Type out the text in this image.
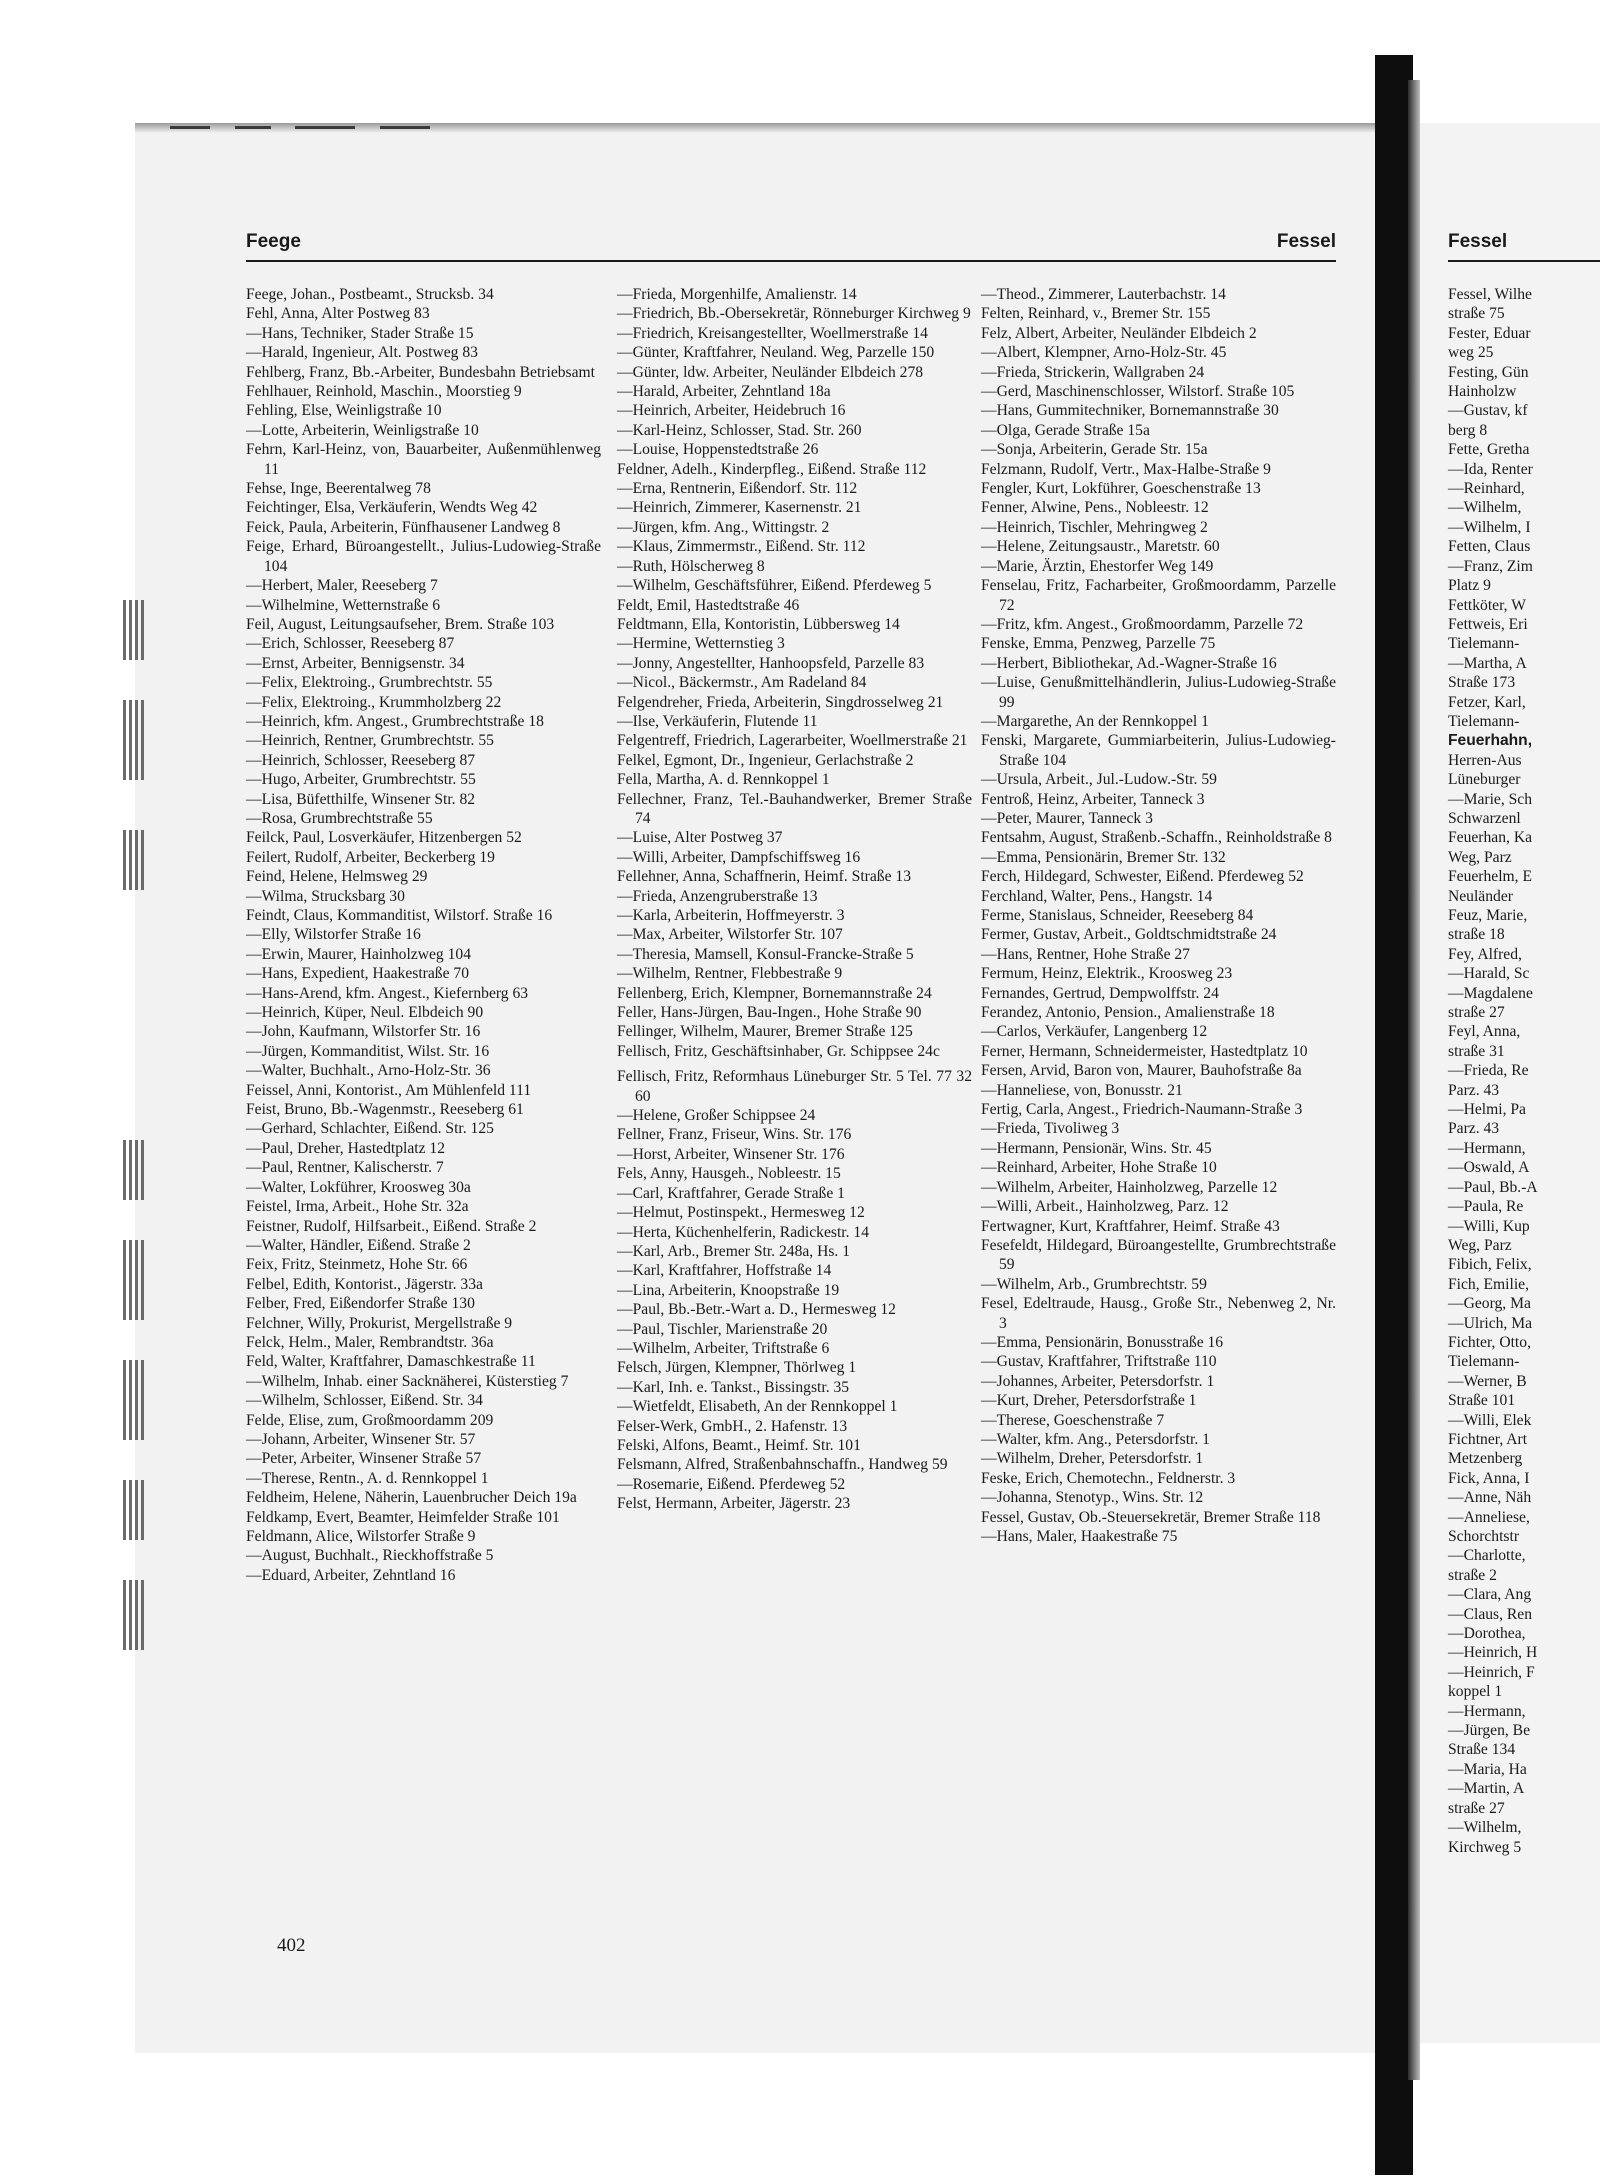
Feege	Fessel

Feege, Johan., Postbeamt., Strucksb. 34

Fehl, Anna, Alter Postweg 83

—Hans, Techniker, Stader Straße 15

—Harald, Ingenieur, Alt. Postweg 83

Fehlberg, Franz, Bb.-Arbeiter, Bundesbahn Betriebsamt

Fehlhauer, Reinhold, Maschin., Moorstieg 9

Fehling, Else, Weinligstraße 10

—Lotte, Arbeiterin, Weinligstraße 10

Fehrn, Karl-Heinz, von, Bauarbeiter, Außenmühlenweg 11

Fehse, Inge, Beerentalweg 78

Feichtinger, Elsa, Verkäuferin, Wendts Weg 42

Feick, Paula, Arbeiterin, Fünfhausener Landweg 8

Feige, Erhard, Büroangestellt., Julius-Ludowieg-Straße 104

—Herbert, Maler, Reeseberg 7

—Wilhelmine, Wetternstraße 6

Feil, August, Leitungsaufseher, Brem. Straße 103

—Erich, Schlosser, Reeseberg 87

—Ernst, Arbeiter, Bennigsenstr. 34

—Felix, Elektroing., Grumbrechtstr. 55

—Felix, Elektroing., Krummholzberg 22

—Heinrich, kfm. Angest., Grumbrechtstraße 18

—Heinrich, Rentner, Grumbrechtstr. 55

—Heinrich, Schlosser, Reeseberg 87

—Hugo, Arbeiter, Grumbrechtstr. 55

—Lisa, Büfetthilfe, Winsener Str. 82

—Rosa, Grumbrechtstraße 55

Feilck, Paul, Losverkäufer, Hitzenbergen 52

Feilert, Rudolf, Arbeiter, Beckerberg 19

Feind, Helene, Helmsweg 29

—Wilma, Strucksbarg 30

Feindt, Claus, Kommanditist, Wilstorf. Straße 16

—Elly, Wilstorfer Straße 16

—Erwin, Maurer, Hainholzweg 104

—Hans, Expedient, Haakestraße 70

—Hans-Arend, kfm. Angest., Kiefernberg 63

—Heinrich, Küper, Neul. Elbdeich 90

—John, Kaufmann, Wilstorfer Str. 16

—Jürgen, Kommanditist, Wilst. Str. 16

—Walter, Buchhalt., Arno-Holz-Str. 36

Feissel, Anni, Kontorist., Am Mühlenfeld 111

Feist, Bruno, Bb.-Wagenmstr., Reeseberg 61

—Gerhard, Schlachter, Eißend. Str. 125

—Paul, Dreher, Hastedtplatz 12

—Paul, Rentner, Kalischerstr. 7

—Walter, Lokführer, Kroosweg 30a

Feistel, Irma, Arbeit., Hohe Str. 32a

Feistner, Rudolf, Hilfsarbeit., Eißend. Straße 2

—Walter, Händler, Eißend. Straße 2

Feix, Fritz, Steinmetz, Hohe Str. 66

Felbel, Edith, Kontorist., Jägerstr. 33a

Felber, Fred, Eißendorfer Straße 130

Felchner, Willy, Prokurist, Mergellstraße 9

Felck, Helm., Maler, Rembrandtstr. 36a

Feld, Walter, Kraftfahrer, Damaschkestraße 11

—Wilhelm, Inhab. einer Sacknäherei, Küsterstieg 7

—Wilhelm, Schlosser, Eißend. Str. 34

Felde, Elise, zum, Großmoordamm 209

—Johann, Arbeiter, Winsener Str. 57

—Peter, Arbeiter, Winsener Straße 57

—Therese, Rentn., A. d. Rennkoppel 1

Feldheim, Helene, Näherin, Lauenbrucher Deich 19a

Feldkamp, Evert, Beamter, Heimfelder Straße 101

Feldmann, Alice, Wilstorfer Straße 9

—August, Buchhalt., Rieckhoffstraße 5

—Eduard, Arbeiter, Zehntland 16

—Frieda, Morgenhilfe, Amalienstr. 14

—Friedrich, Bb.-Obersekretär, Rönneburger Kirchweg 9

—Friedrich, Kreisangestellter, Woellmerstraße 14

—Günter, Kraftfahrer, Neuland. Weg, Parzelle 150

—Günter, ldw. Arbeiter, Neuländer Elbdeich 278

—Harald, Arbeiter, Zehntland 18a

—Heinrich, Arbeiter, Heidebruch 16

—Karl-Heinz, Schlosser, Stad. Str. 260

—Louise, Hoppenstedtstraße 26

Feldner, Adelh., Kinderpfleg., Eißend. Straße 112

—Erna, Rentnerin, Eißendorf. Str. 112

—Heinrich, Zimmerer, Kasernenstr. 21

—Jürgen, kfm. Ang., Wittingstr. 2

—Klaus, Zimmermstr., Eißend. Str. 112

—Ruth, Hölscherweg 8

—Wilhelm, Geschäftsführer, Eißend. Pferdeweg 5

Feldt, Emil, Hastedtstraße 46

Feldtmann, Ella, Kontoristin, Lübbersweg 14

—Hermine, Wetternstieg 3

—Jonny, Angestellter, Hanhoopsfeld, Parzelle 83

—Nicol., Bäckermstr., Am Radeland 84

Felgendreher, Frieda, Arbeiterin, Singdrosselweg 21

—Ilse, Verkäuferin, Flutende 11

Felgentreff, Friedrich, Lagerarbeiter, Woellmerstraße 21

Felkel, Egmont, Dr., Ingenieur, Gerlachstraße 2

Fella, Martha, A. d. Rennkoppel 1

Fellechner, Franz, Tel.-Bauhandwerker, Bremer Straße 74

—Luise, Alter Postweg 37

—Willi, Arbeiter, Dampfschiffsweg 16

Fellehner, Anna, Schaffnerin, Heimf. Straße 13

—Frieda, Anzengruberstraße 13

—Karla, Arbeiterin, Hoffmeyerstr. 3

—Max, Arbeiter, Wilstorfer Str. 107

—Theresia, Mamsell, Konsul-Francke-Straße 5

—Wilhelm, Rentner, Flebbestraße 9

Fellenberg, Erich, Klempner, Bornemannstraße 24

Feller, Hans-Jürgen, Bau-Ingen., Hohe Straße 90

Fellinger, Wilhelm, Maurer, Bremer Straße 125

Fellisch, Fritz, Geschäftsinhaber, Gr. Schippsee 24c

Fellisch, Fritz, Reformhaus Lüneburger Str. 5 Tel. 77 32 60

—Helene, Großer Schippsee 24

Fellner, Franz, Friseur, Wins. Str. 176

—Horst, Arbeiter, Winsener Str. 176

Fels, Anny, Hausgeh., Nobleestr. 15

—Carl, Kraftfahrer, Gerade Straße 1

—Helmut, Postinspekt., Hermesweg 12

—Herta, Küchenhelferin, Radickestr. 14

—Karl, Arb., Bremer Str. 248a, Hs. 1

—Karl, Kraftfahrer, Hoffstraße 14

—Lina, Arbeiterin, Knoopstraße 19

—Paul, Bb.-Betr.-Wart a. D., Hermesweg 12

—Paul, Tischler, Marienstraße 20

—Wilhelm, Arbeiter, Triftstraße 6

Felsch, Jürgen, Klempner, Thörlweg 1

—Karl, Inh. e. Tankst., Bissingstr. 35

—Wietfeldt, Elisabeth, An der Rennkoppel 1

Felser-Werk, GmbH., 2. Hafenstr. 13

Felski, Alfons, Beamt., Heimf. Str. 101

Felsmann, Alfred, Straßenbahnschaffn., Handweg 59

—Rosemarie, Eißend. Pferdeweg 52

Felst, Hermann, Arbeiter, Jägerstr. 23

—Theod., Zimmerer, Lauterbachstr. 14

Felten, Reinhard, v., Bremer Str. 155

Felz, Albert, Arbeiter, Neuländer Elbdeich 2

—Albert, Klempner, Arno-Holz-Str. 45

—Frieda, Strickerin, Wallgraben 24

—Gerd, Maschinenschlosser, Wilstorf. Straße 105

—Hans, Gummitechniker, Bornemannstraße 30

—Olga, Gerade Straße 15a

—Sonja, Arbeiterin, Gerade Str. 15a

Felzmann, Rudolf, Vertr., Max-Halbe-Straße 9

Fengler, Kurt, Lokführer, Goeschenstraße 13

Fenner, Alwine, Pens., Nobleestr. 12

—Heinrich, Tischler, Mehringweg 2

—Helene, Zeitungsaustr., Maretstr. 60

—Marie, Ärztin, Ehestorfer Weg 149

Fenselau, Fritz, Facharbeiter, Großmoordamm, Parzelle 72

—Fritz, kfm. Angest., Großmoordamm, Parzelle 72

Fenske, Emma, Penzweg, Parzelle 75

—Herbert, Bibliothekar, Ad.-Wagner-Straße 16

—Luise, Genußmittelhändlerin, Julius-Ludowieg-Straße 99

—Margarethe, An der Rennkoppel 1

Fenski, Margarete, Gummiarbeiterin, Julius-Ludowieg-Straße 104

—Ursula, Arbeit., Jul.-Ludow.-Str. 59

Fentroß, Heinz, Arbeiter, Tanneck 3

—Peter, Maurer, Tanneck 3

Fentsahm, August, Straßenb.-Schaffn., Reinholdstraße 8

—Emma, Pensionärin, Bremer Str. 132

Ferch, Hildegard, Schwester, Eißend. Pferdeweg 52

Ferchland, Walter, Pens., Hangstr. 14

Ferme, Stanislaus, Schneider, Reeseberg 84

Fermer, Gustav, Arbeit., Goldtschmidtstraße 24

—Hans, Rentner, Hohe Straße 27

Fermum, Heinz, Elektrik., Kroosweg 23

Fernandes, Gertrud, Dempwolffstr. 24

Ferandez, Antonio, Pension., Amalienstraße 18

—Carlos, Verkäufer, Langenberg 12

Ferner, Hermann, Schneidermeister, Hastedtplatz 10

Fersen, Arvid, Baron von, Maurer, Bauhofstraße 8a

—Hanneliese, von, Bonusstr. 21

Fertig, Carla, Angest., Friedrich-Naumann-Straße 3

—Frieda, Tivoliweg 3

—Hermann, Pensionär, Wins. Str. 45

—Reinhard, Arbeiter, Hohe Straße 10

—Wilhelm, Arbeiter, Hainholzweg, Parzelle 12

—Willi, Arbeit., Hainholzweg, Parz. 12

Fertwagner, Kurt, Kraftfahrer, Heimf. Straße 43

Fesefeldt, Hildegard, Büroangestellte, Grumbrechtstraße 59

—Wilhelm, Arb., Grumbrechtstr. 59

Fesel, Edeltraude, Hausg., Große Str., Nebenweg 2, Nr. 3

—Emma, Pensionärin, Bonusstraße 16

—Gustav, Kraftfahrer, Triftstraße 110

—Johannes, Arbeiter, Petersdorfstr. 1

—Kurt, Dreher, Petersdorfstraße 1

—Therese, Goeschenstraße 7

—Walter, kfm. Ang., Petersdorfstr. 1

—Wilhelm, Dreher, Petersdorfstr. 1

Feske, Erich, Chemotechn., Feldnerstr. 3

—Johanna, Stenotyp., Wins. Str. 12

Fessel, Gustav, Ob.-Steuersekretär, Bremer Straße 118

—Hans, Maler, Haakestraße 75

402
Fessel
Fessel, Wilhe
straße 75
Fester, Eduar
weg 25
Festing, Gün
Hainholzw
—Gustav, kf
berg 8
Fette, Gretha
—Ida, Renter
—Reinhard,
—Wilhelm,
—Wilhelm, I
Fetten, Claus
—Franz, Zim
Platz 9
Fettköter, W
Fettweis, Eri
Tielemann-
—Martha, A
Straße 173
Fetzer, Karl,
Tielemann-
Feuerhahn,
Herren-Aus
Lüneburger
—Marie, Sch
Schwarzenl
Feuerhan, Ka
Weg, Parz
Feuerhelm, E
Neuländer
Feuz, Marie,
straße 18
Fey, Alfred,
—Harald, Sc
—Magdalene
straße 27
Feyl, Anna,
straße 31
—Frieda, Re
Parz. 43
—Helmi, Pa
Parz. 43
—Hermann,
—Oswald, A
—Paul, Bb.-A
—Paula, Re
—Willi, Kup
Weg, Parz
Fibich, Felix,
Fich, Emilie,
—Georg, Ma
—Ulrich, Ma
Fichter, Otto,
Tielemann-
—Werner, B
Straße 101
—Willi, Elek
Fichtner, Art
Metzenberg
Fick, Anna, I
—Anne, Näh
—Anneliese,
Schorchtstr
—Charlotte,
straße 2
—Clara, Ang
—Claus, Ren
—Dorothea,
—Heinrich, H
—Heinrich, F
koppel 1
—Hermann,
—Jürgen, Be
Straße 134
—Maria, Ha
—Martin, A
straße 27
—Wilhelm,
Kirchweg 5
